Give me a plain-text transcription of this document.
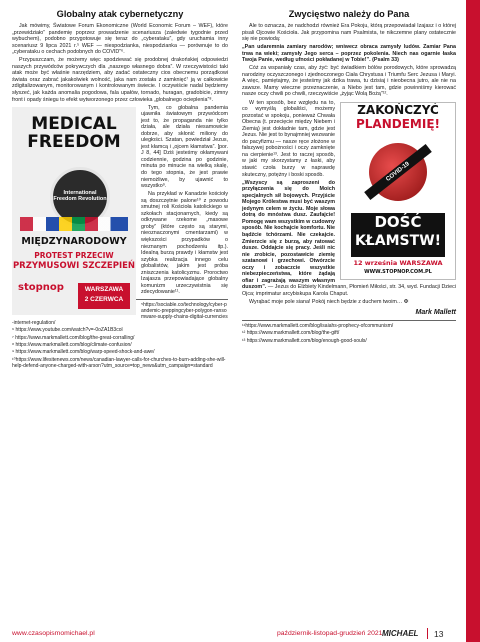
Globalny atak cybernetyczny

Jak mówimy, Światowe Forum Ekonomiczne (World Economic Forum – WEF), które „przewidziało” pandemię poprzez prowadzenie scenariusza (zaledwie tygodnie przed wybuchem), podobno przygotowuje się teraz do „cyberataku”, gdy uruchamia inny scenariusz 9 lipca 2021 r.⁵ WEF — niespodzianka, niespodzianka — porównuje to do „cyberataku o cechach podobnych do COVID”⁶.

Przypuszczam, że możemy więc spodziewać się prodobnej drakońskiej odpowiedzi naszych przywódców pokrywczych dla „naszego własnego dobra”. W rzeczywistości taki atak może być właśnie narzędziem, aby zadać ostateczny cios obecnemu porządkowi świata oraz zabrać jakakolwiek wolność, jaka nam została z zamknięć⁷ ją w całkowicie zdigitalizowanym, monitorowanym i kontrolowanym świecie. I oczywiście nadal będziemy słyszeć, jak każda anomalia pogodowa, fala upałów, tornado, huragan, gradobicie, zimny front i opady śniegu to efekt wytworzonego przez człowieka „globalnego ocieplenia”⁸.

MEDICAL
FREEDOM
International Freedom Revolution
MIĘDZYNARODOWY
PROTEST PRZECIW
PRZYMUSOWI SZCZEPIEŃ
stopnop	WARSZAWA
2 CZERWCA

Tym, co globalna pandemia ujawniła światowym przywódcom jest to, że propaganda nie tylko działa, ale działa niesamowicie dobrze, aby skłonić miliony do uległości. Szatan, powiedział Jezus, jest kłamcą i „ojcem kłamstwa”. [por. J 8, 44] Dziś jesteśmy okłamywani codziennie, godzina po godzinie, minuta po minucie na wielką skalę, do tego stopnia, że jest prawie niemożliwe, by ujawnić to wszystko⁹.

Na przykład w Kanadzie kościoły są doszczętnie palone¹⁰ z powodu smutnej roli Kościoła katolickiego w szkołach stacjonarnych, kiedy są odkrywane rzekome „masowe groby” (które często są starymi, nieoznaczonymi cmentarzami) w większości przypadków o nieznanym pochodzeniu itp.). Idealną burzą prawdy i kłamstw jest szybka realizacja innego celu globalistów, jakim jest próba zniszczenia katolicyzmu. Proroctwo Izajasza przepowiadające globalny komunizm urzeczywistnia się zdecydowanie¹¹.

⁵https://sociable.co/technology/cyber-pandemic-preppingcyber-polygon-ransomware-supply-chains-digital-currencies-internet-regulation/
⁶ https://www.youtube.com/watch?v=-0oZA1B3col
⁷ https://www.markmallett.com/blog/the-great-corralling/
⁸ https://www.markmallett.com/blog/climate-confusion/
⁹ https://www.markmallett.com/blog/warp-speed-shock-and-awe/
¹⁰https://www.lifesitenews.com/news/canadian-lawyer-calls-for-churches-to-burn-adding-she-will-help-defend-anyone-charged-with-arson?utm_source=top_news&utm_campaign=standard
Zwycięstwo należy do Pana

Ale to oznacza, że nadchodzi również Era Pokoju, którą przepowiadał Izajasz i o której pisali Ojcowie Kościoła. Jak przypomina nam Psalmista, te nikczemne plany ostatecznie się nie powiodą:

„Pan udaremnia zamiary narodów; wniwecz obraca zamysły ludów. Zamiar Pana trwa na wieki; zamysły Jego serca – poprzez pokolenia. Niech nas ogarnie łaska Twoja Panie, według ufności pokładanej w Tobie!”. (Psalm 33)

Cóż za wspaniały czas, aby żyć: być świadkiem bólów porodowych, które sprowadzą narodziny oczyszczonego i zjednoczonego Ciała Chrystusa i Triumfu Serc Jezusa i Maryi. A więc, pamiętajmy, że jesteśmy jak dzika trawa, tu dzisiaj i nieobecna jutro, ale nie na zawsze. Mamy wieczne przeznaczenie, a Niebo jest tam, gdzie powinniśmy kierować nasze oczy chwili po chwili, rzeczywiście „żyjąc Wolą Bożą”¹².

ZAKOŃCZYĆ
PLANDEMIĘ!
COVID-19
DOŚĆ
KŁAMSTW!
12 września WARSZAWA
WWW.STOPNOP.COM.PL

W ten sposób, bez względu na to, co wymyślą globaliści, możemy pozostać w spokoju, ponieważ Chwała Obecna (t. przecięcie między Niebem i Ziemią) jest dokładnie tam, gdzie jest Jezus. Nie jest to bynajmniej wezwanie do pacyfizmu — nasze ręce złożone w fałszywej pobożności i oczy zamknięte na cierpienie¹³. Jest to raczej sposób, w jaki my skorzystamy z łaski, aby stawić czoła burzy w naprawdę skuteczny, potężny i boski sposób.

„Wszyscy są zaproszeni do przyłączenia się do Moich specjalnych sił bojowych. Przyjście Mojego Królestwa musi być waszym jedynym celem w życiu. Moje słowa dotrą do mnóstwa dusz. Zaufajcie! Pomogę wam wszystkim w cudowny sposób. Nie kochajcie komfortu. Nie bądźcie tchórzami. Nie czekajcie. Zmierzcie się z burzą, aby ratować dusze. Oddajcie się pracy. Jeśli nic nie zrobicie, pozostawicie ziemię szatanowi i grzechowi. Otwórzcie oczy i zobaczcie wszystkie niebezpieczeństwa, które żądają ofiar i zagrażają waszym własnym duszom”. — Jezus do Elżbiety Kindelmann, Płomień Miłości, str. 34, wyd. Fundacji Dzieci Ojca; imprimatur arcybiskupa Karola Chaput.

Wyrąbać moje pole siana! Pokój niech będzie z duchem twoim… ✠

Mark Mallett
¹¹https://www.markmallett.com/blog/isaiahs-prophecy-ofcommunism/
¹² https://www.markmallett.com/blog/the-gift/
¹³ https://www.markmallett.com/blog/enough-good-souls/
www.czasopismomichael.pl	październik-listopad-grudzień 2021 MICHAEL 13
